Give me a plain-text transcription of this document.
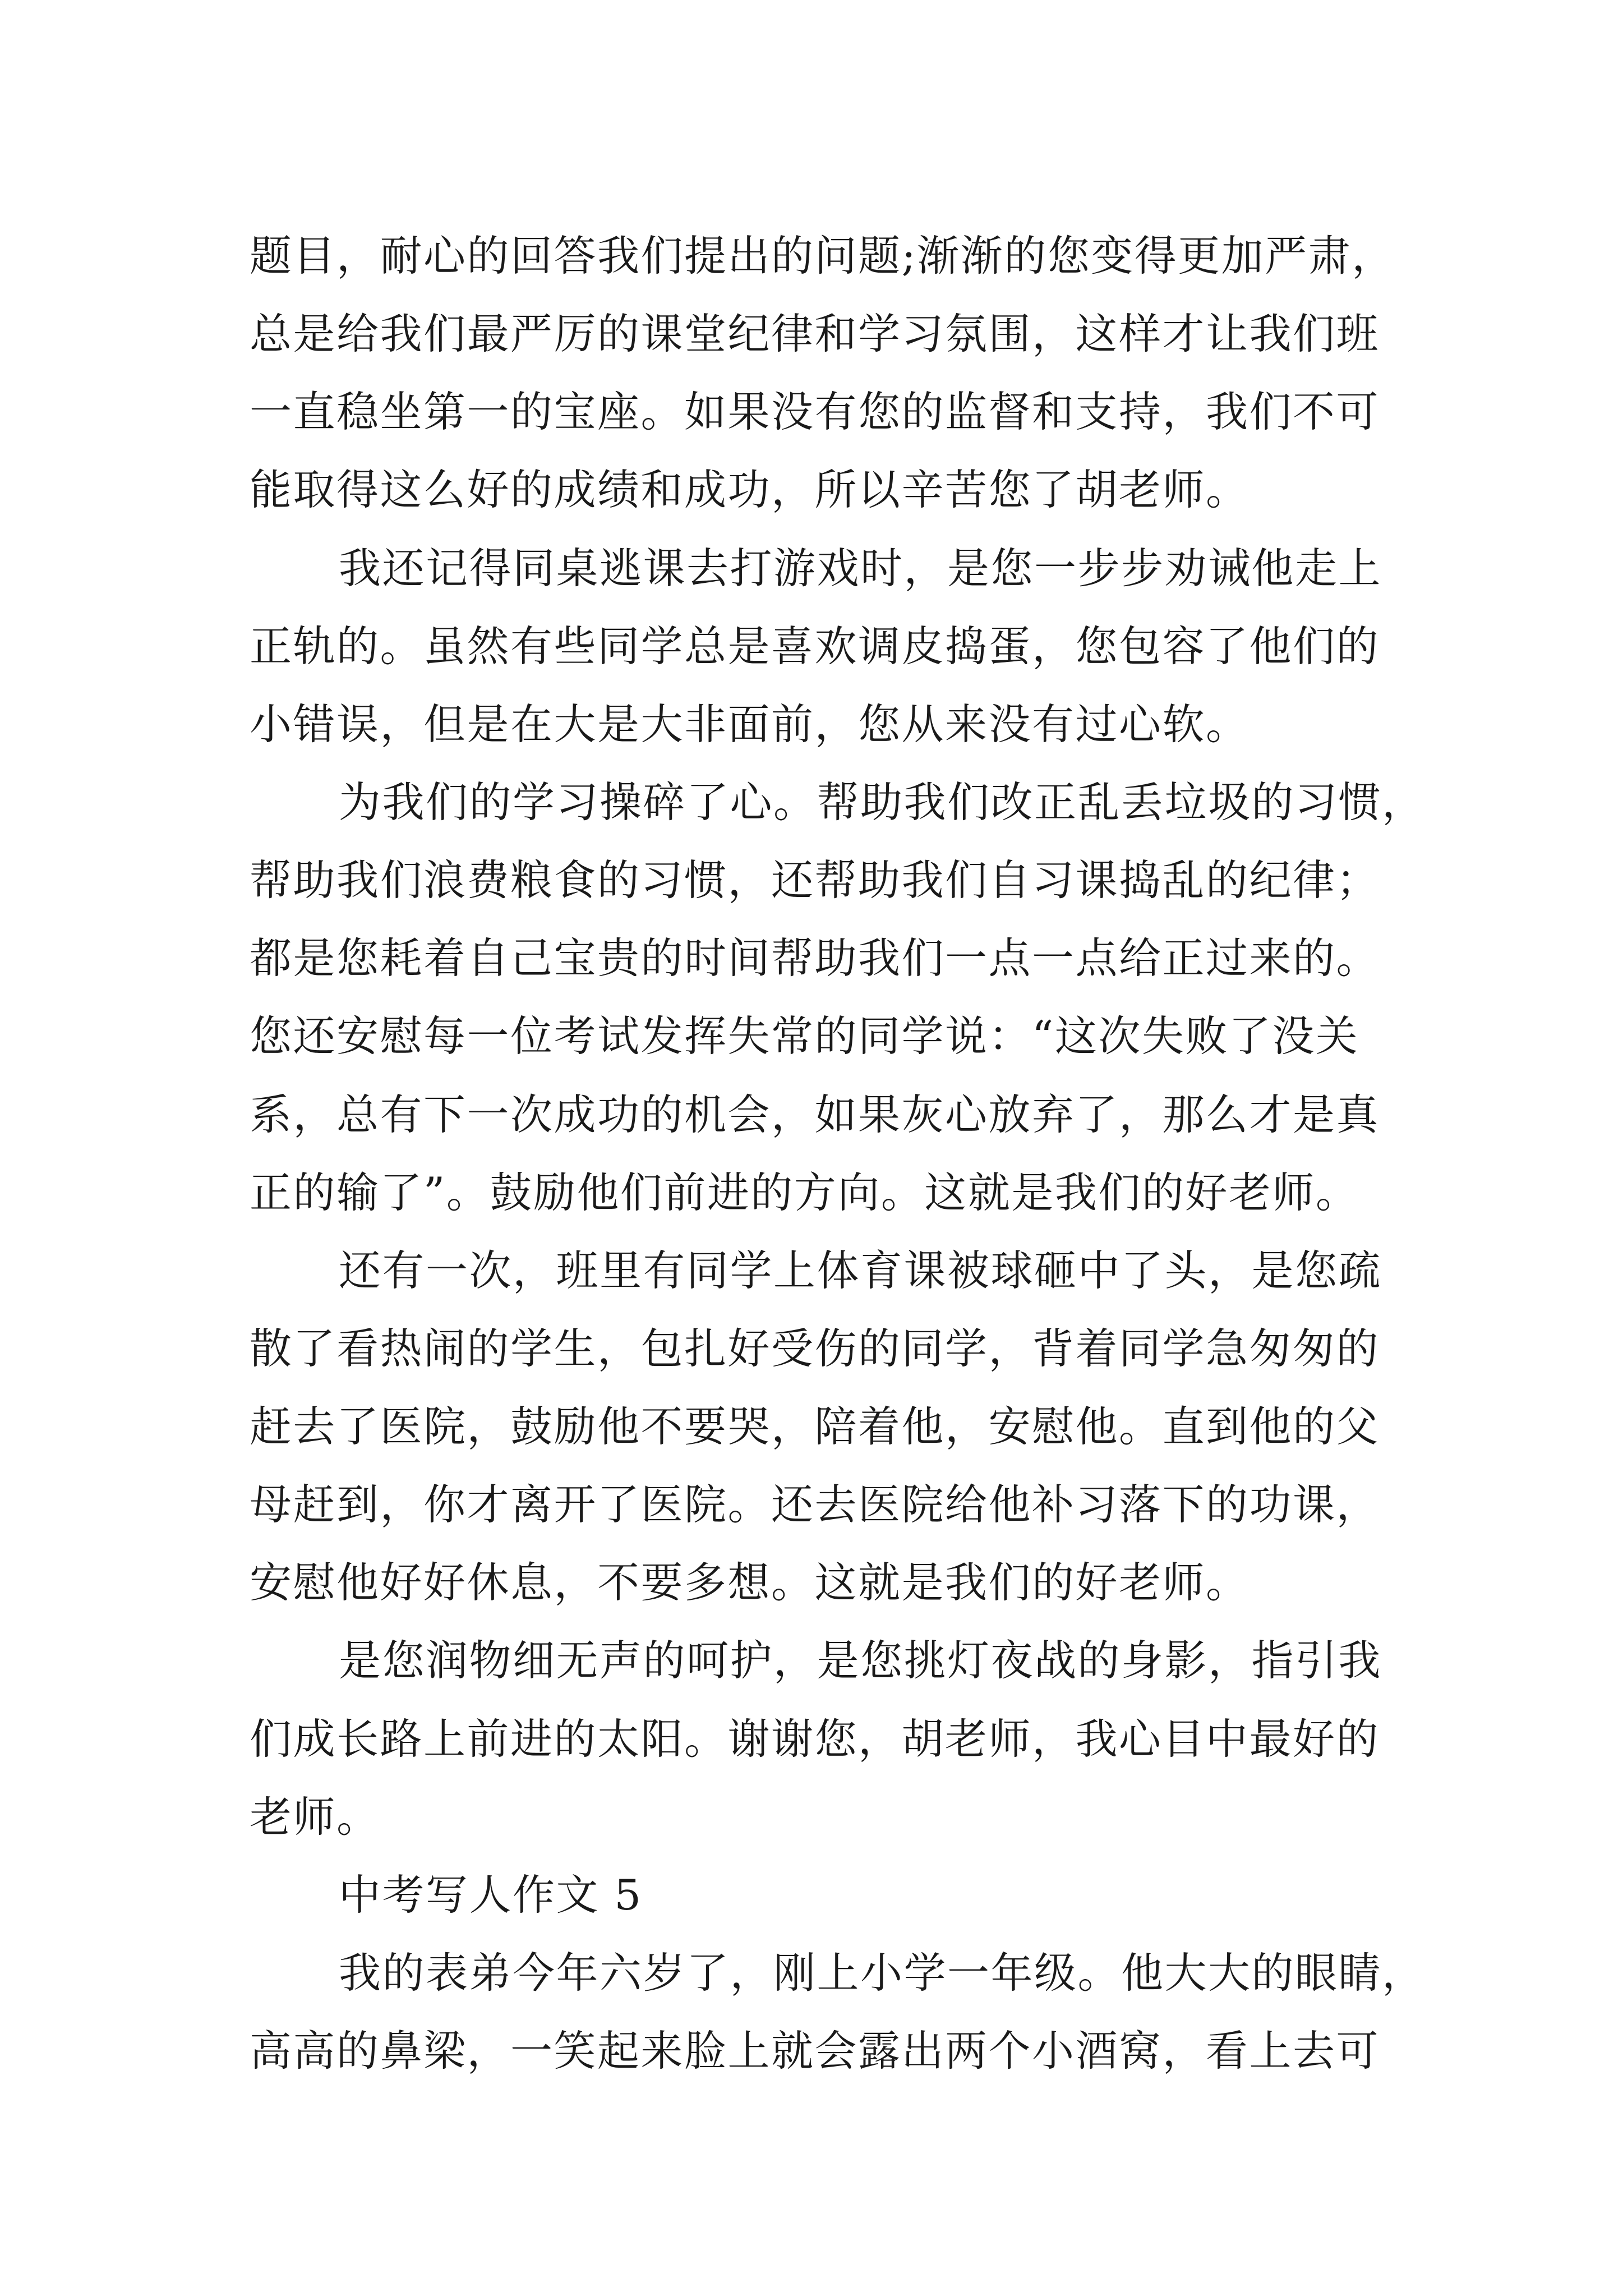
题目，耐心的回答我们提出的问题;渐渐的您变得更加严肃，
总是给我们最严厉的课堂纪律和学习氛围，这样才让我们班
一直稳坐第一的宝座。如果没有您的监督和支持，我们不可
能取得这么好的成绩和成功，所以辛苦您了胡老师。
我还记得同桌逃课去打游戏时，是您一步步劝诫他走上
正轨的。虽然有些同学总是喜欢调皮捣蛋，您包容了他们的
小错误，但是在大是大非面前，您从来没有过心软。
为我们的学习操碎了心。帮助我们改正乱丢垃圾的习惯，
帮助我们浪费粮食的习惯，还帮助我们自习课捣乱的纪律；
都是您耗着自己宝贵的时间帮助我们一点一点给正过来的。
您还安慰每一位考试发挥失常的同学说：“这次失败了没关
系，总有下一次成功的机会，如果灰心放弃了，那么才是真
正的输了”。鼓励他们前进的方向。这就是我们的好老师。
还有一次，班里有同学上体育课被球砸中了头，是您疏
散了看热闹的学生，包扎好受伤的同学，背着同学急匆匆的
赶去了医院，鼓励他不要哭，陪着他，安慰他。直到他的父
母赶到，你才离开了医院。还去医院给他补习落下的功课，
安慰他好好休息，不要多想。这就是我们的好老师。
是您润物细无声的呵护，是您挑灯夜战的身影，指引我
们成长路上前进的太阳。谢谢您，胡老师，我心目中最好的
老师。
中考写人作文 5
我的表弟今年六岁了，刚上小学一年级。他大大的眼睛，
高高的鼻梁，一笑起来脸上就会露出两个小酒窝，看上去可
